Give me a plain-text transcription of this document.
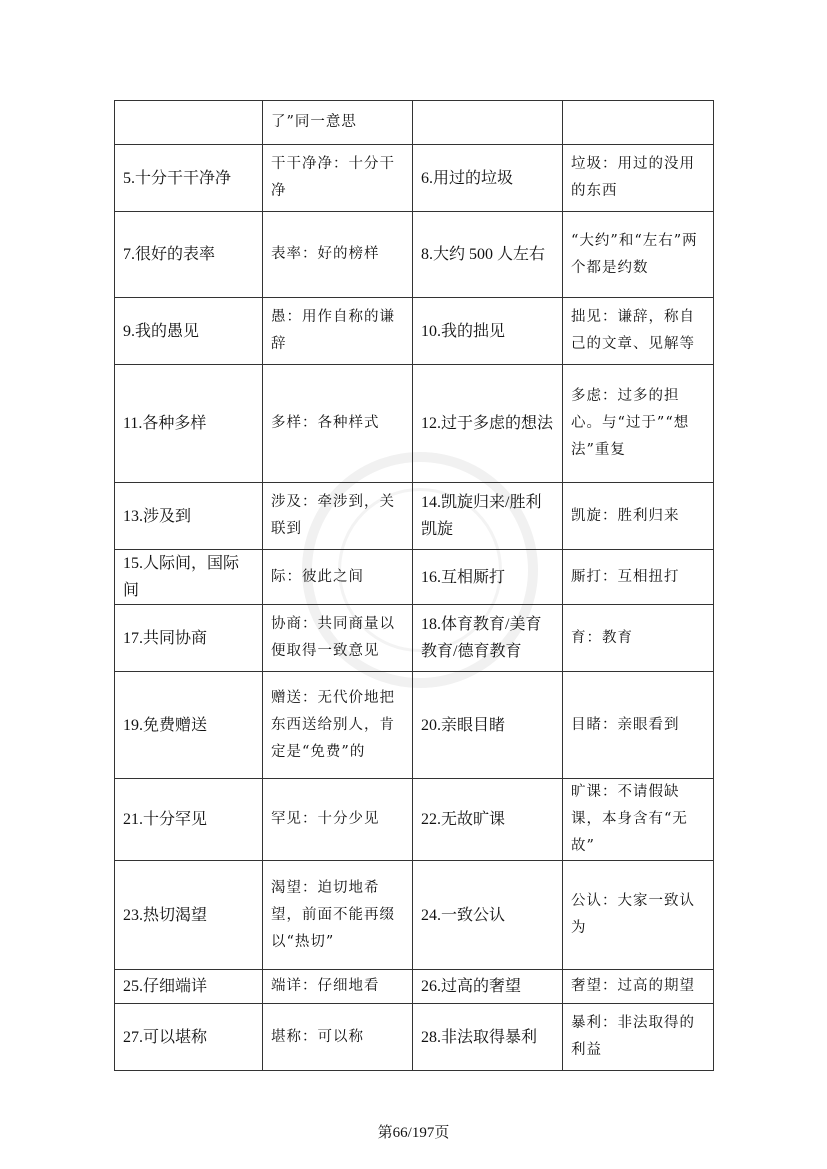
	了”同一意思		
5.十分干干净净	干干净净：十分干净	6.用过的垃圾	垃圾：用过的没用的东西
7.很好的表率	表率：好的榜样	8.大约 500 人左右	“大约”和“左右”两个都是约数
9.我的愚见	愚：用作自称的谦辞	10.我的拙见	拙见：谦辞，称自己的文章、见解等
11.各种多样	多样：各种样式	12.过于多虑的想法	多虑：过多的担心。与“过于”“想法”重复
13.涉及到	涉及：牵涉到，关联到	14.凯旋归来/胜利凯旋	凯旋：胜利归来
15.人际间，国际间	际：彼此之间	16.互相厮打	厮打：互相扭打
17.共同协商	协商：共同商量以便取得一致意见	18.体育教育/美育教育/德育教育	育：教育
19.免费赠送	赠送：无代价地把东西送给别人，肯定是“免费”的	20.亲眼目睹	目睹：亲眼看到
21.十分罕见	罕见：十分少见	22.无故旷课	旷课：不请假缺课，本身含有“无故”
23.热切渴望	渴望：迫切地希望，前面不能再缀以“热切”	24.一致公认	公认：大家一致认为
25.仔细端详	端详：仔细地看	26.过高的奢望	奢望：过高的期望
27.可以堪称	堪称：可以称	28.非法取得暴利	暴利：非法取得的利益
第66/197页
